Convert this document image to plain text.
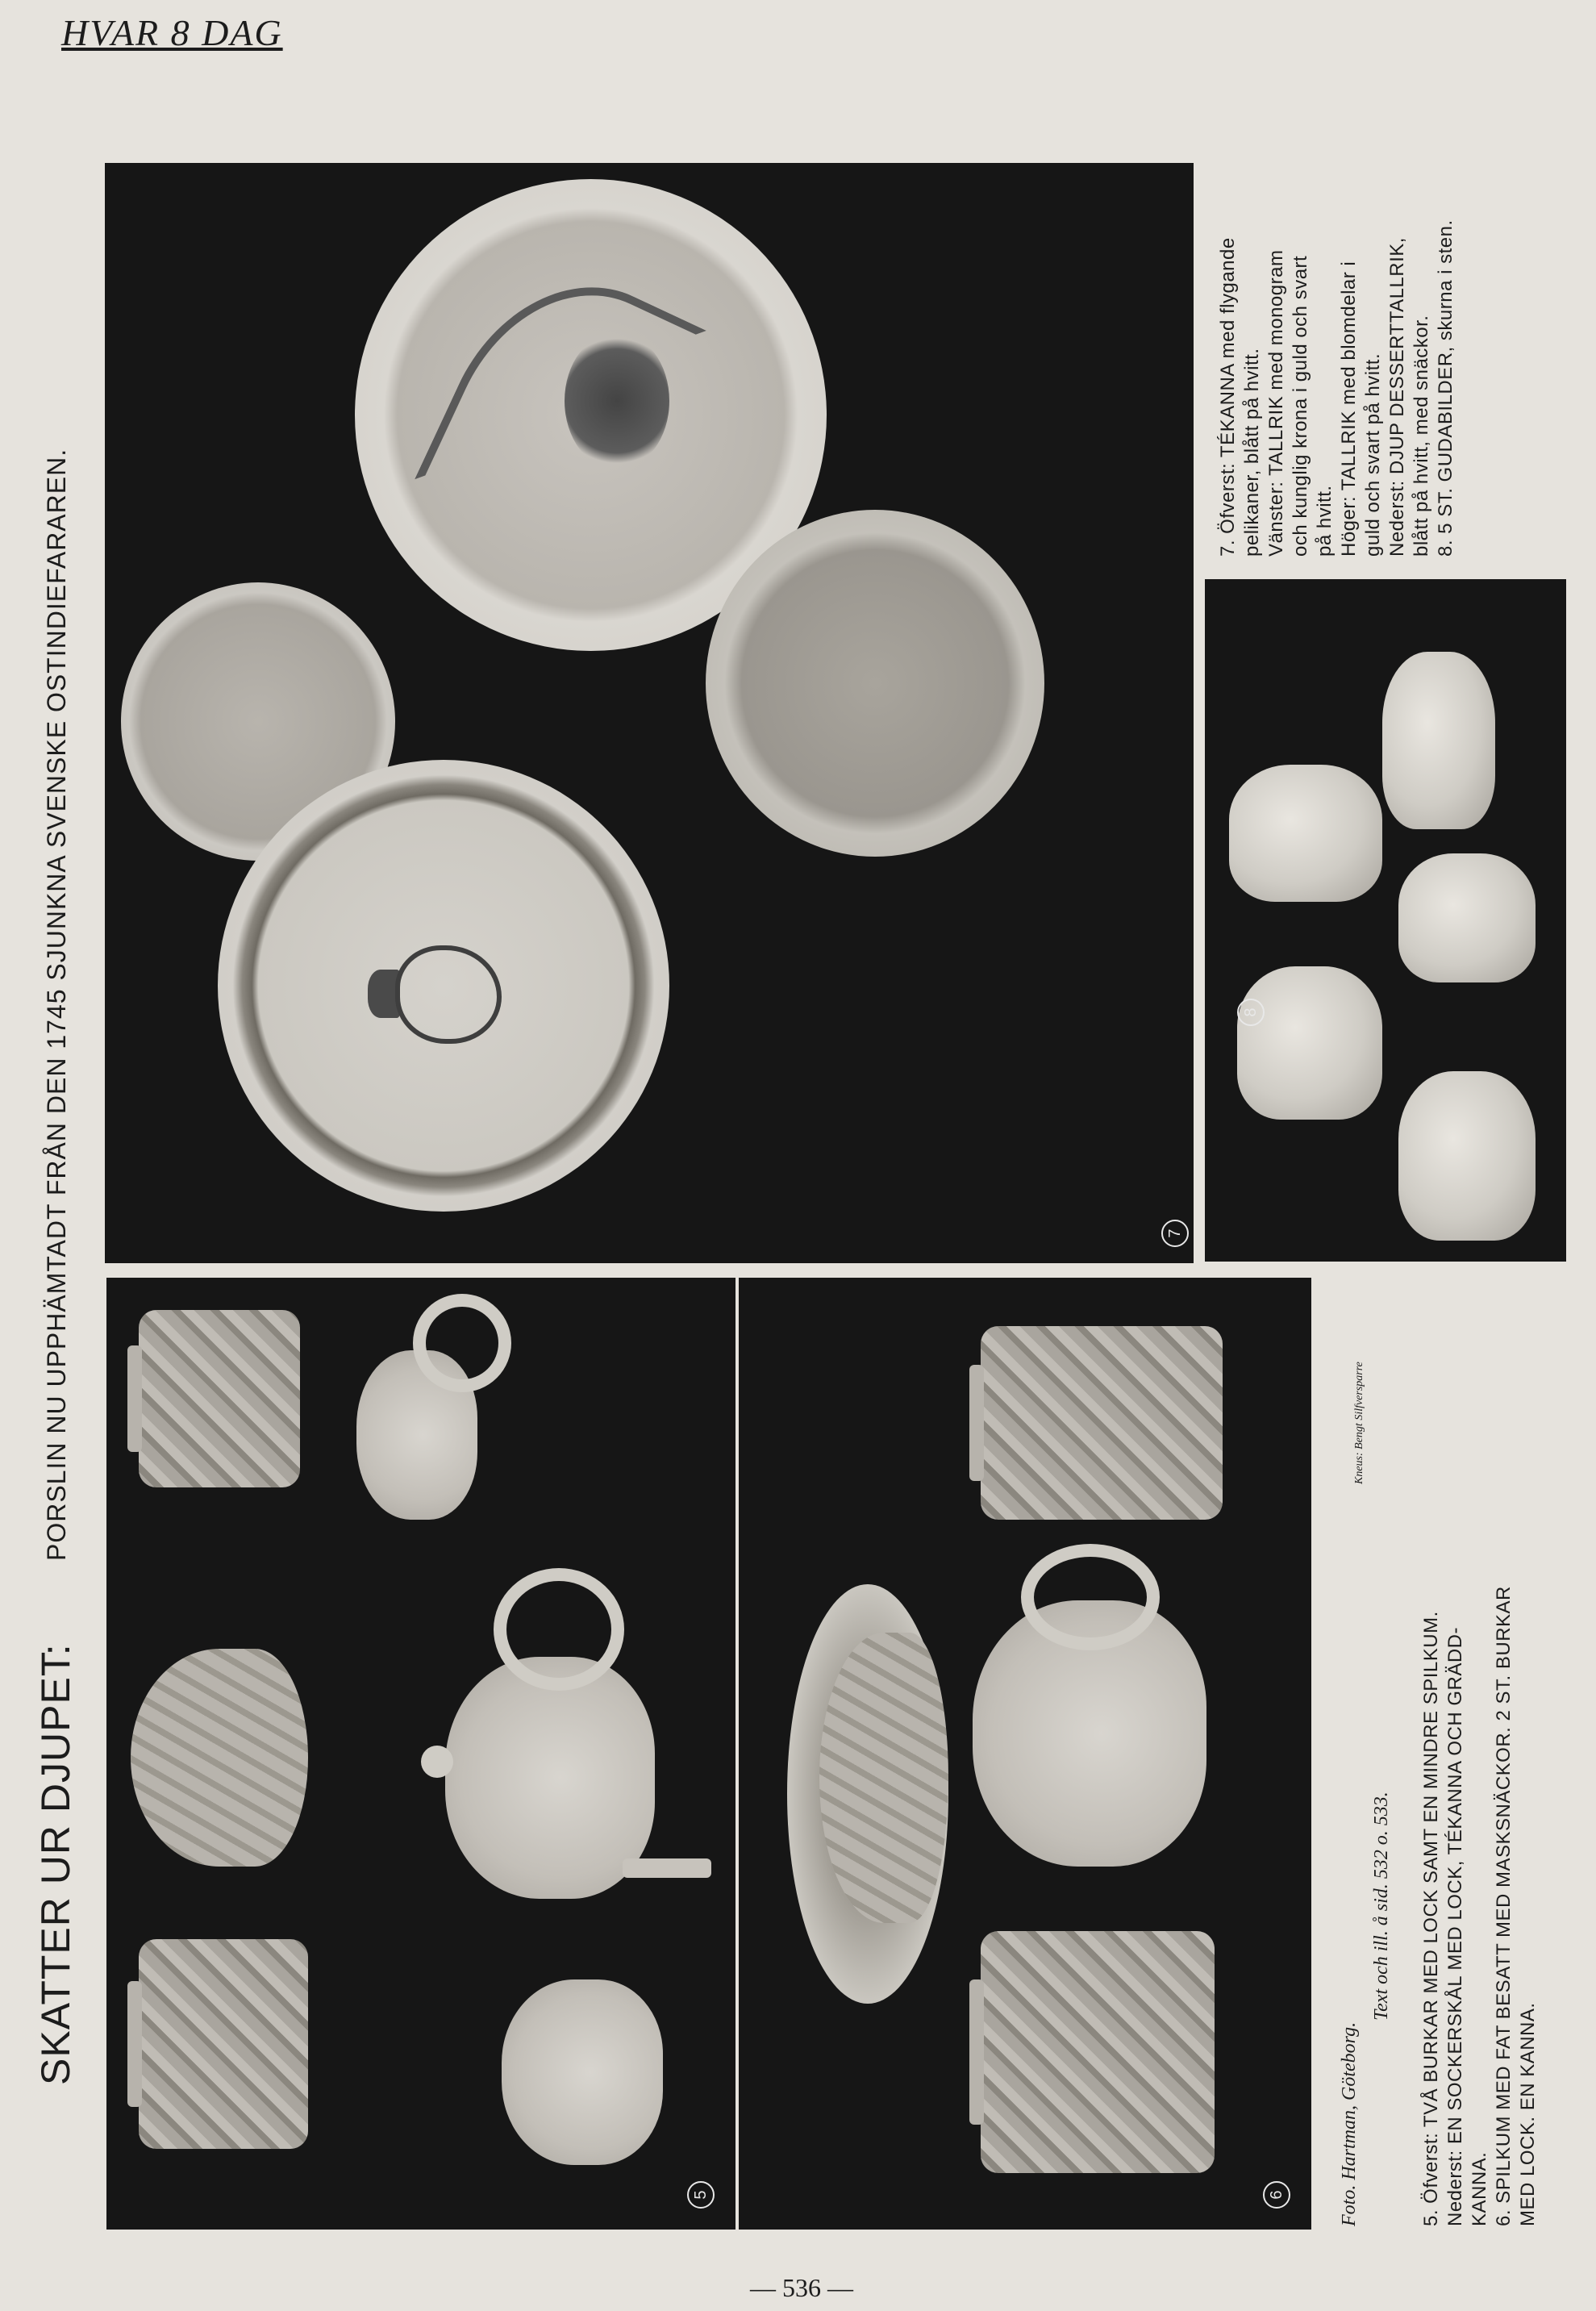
HVAR 8 DAG
SKATTER UR DJUPET:
PORSLIN NU UPPHÄMTADT FRÅN DEN 1745 SJUNKNA SVENSKE OSTINDIEFARAREN.	7
8
5	6	Foto. Hartman, Göteborg.
Text och ill. å sid. 532 o. 533.
Kneus: Bengt Silfversparre
5. Öfverst: TVÅ BURKAR MED LOCK SAMT EN MINDRE SPILKUM. Nederst: EN SOCKERSKÅL MED LOCK, TÉKANNA OCH GRÄDD- KANNA. 6. SPILKUM MED FAT BESATT MED MASKSNÄCKOR. 2 ST. BURKAR MED LOCK. EN KANNA.
7. Öfverst: TÉKANNA med flygande pelikaner, blått på hvitt. Vänster: TALLRIK med monogram och kunglig krona i guld och svart på hvitt. Höger: TALLRIK med blomdelar i guld och svart på hvitt. Nederst: DJUP DESSERTTALLRIK, blått på hvitt, med snäckor. 8. 5 ST. GUDABILDER, skurna i sten.
— 536 —
